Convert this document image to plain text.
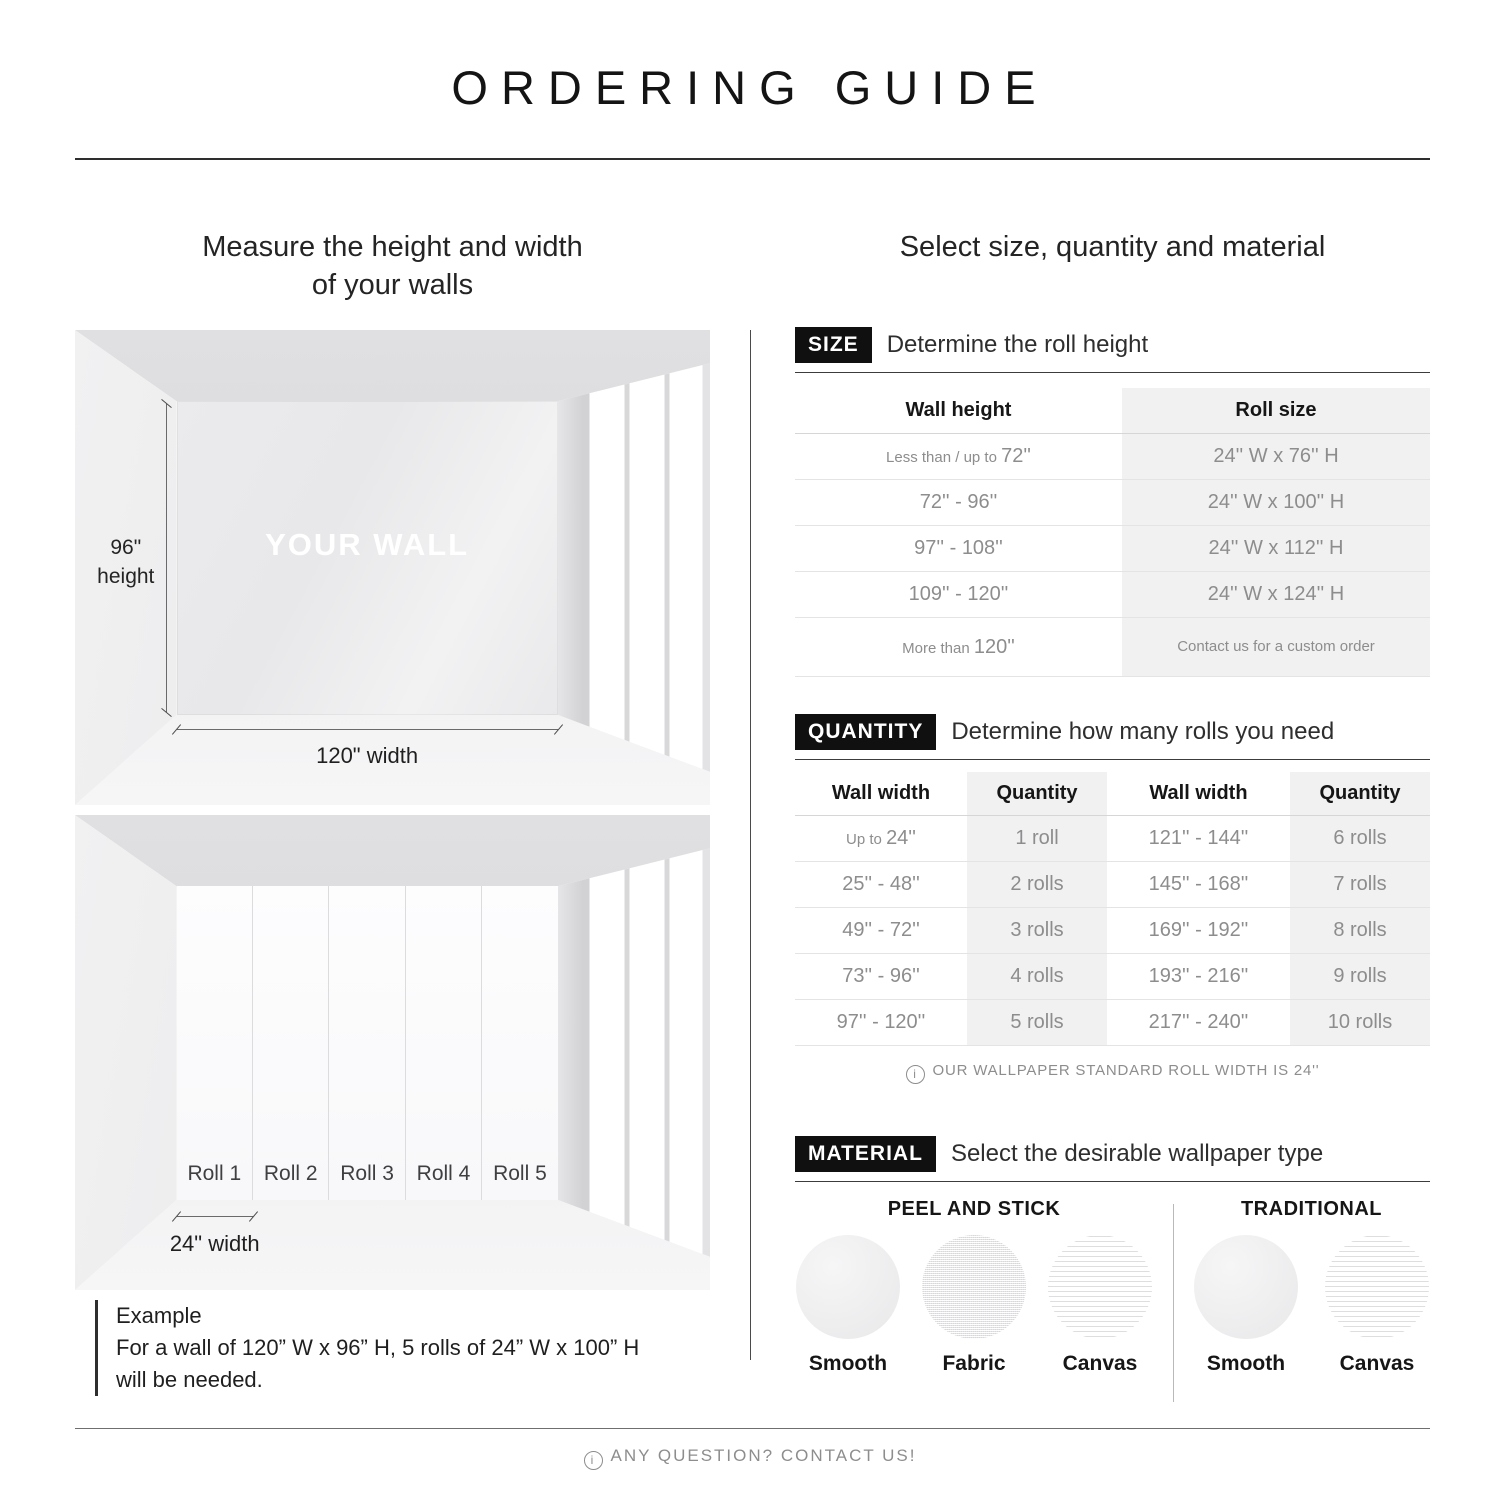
ORDERING GUIDE
Measure the height and width
of your walls
Select size, quantity and material
YOUR WALL
96"
height
120" width
Roll 1 Roll 2 Roll 3 Roll 4 Roll 5
24" width
Example
For a wall of 120” W x 96” H, 5 rolls of 24” W x 100” H
will be needed.
SIZE	Determine the roll height
Wall height	Roll size
Less than / up to 72''	24'' W x 76'' H
72'' - 96''	24'' W x 100'' H
97'' - 108''	24'' W x 112'' H
109'' - 120''	24'' W x 124'' H
More than 120''	Contact us for a custom order
QUANTITY	Determine how many rolls you need
Wall width	Quantity	Wall width	Quantity
Up to 24''	1 roll	121'' - 144''	6 rolls
25'' - 48''	2 rolls	145'' - 168''	7 rolls
49'' - 72''	3 rolls	169'' - 192''	8 rolls
73'' - 96''	4 rolls	193'' - 216''	9 rolls
97'' - 120''	5 rolls	217'' - 240''	10 rolls
i OUR WALLPAPER STANDARD ROLL WIDTH IS 24''
MATERIAL	Select the desirable wallpaper type
PEEL AND STICK
Smooth	Fabric	Canvas
TRADITIONAL
Smooth	Canvas
i ANY QUESTION? CONTACT US!
